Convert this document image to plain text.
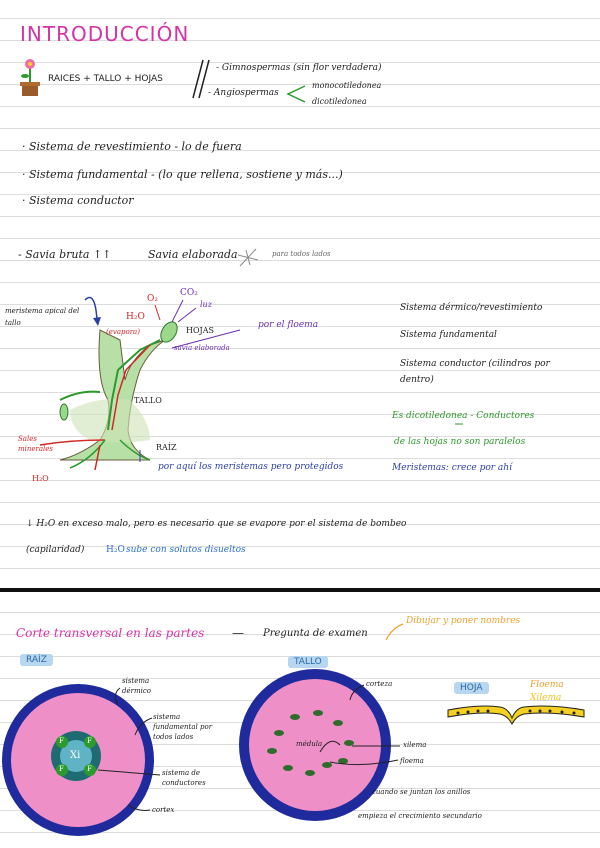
INTRODUCCIÓN
RAICES + TALLO + HOJAS
- Gimnospermas (sin flor verdadera)
- Angiospermas
monocotiledonea
dicotiledonea
· Sistema de revestimiento - lo de fuera
· Sistema fundamental - (lo que rellena, sostiene y más...)
· Sistema conductor
- Savia bruta ↑↑	Savia elaborada	para todos lados
meristema apical del tallo
O₂
CO₂
luz
H₂O
(evapora)	HOJAS
savia elaborada
por el floema
TALLO
RAÍZ
Sales minerales
H₂O
por aquí los meristemas pero protegidos
Sistema dérmico/revestimiento
Sistema fundamental
Sistema conductor (cilindros por dentro)
Es dicotiledonea - Conductores
de las hojas no son paralelos
Meristemas: crece por ahí
↓ H₂O en exceso malo, pero es necesario que se evapore por el sistema de bombeo
(capilaridad) H₂O sube con solutos disueltos
Corte transversal en las partes — Pregunta de examen
Dibujar y poner nombres
RAÍZ	TALLO
HOJA	Floema
Xilema
sistema dérmico
sistema fundamental por todos lados
sistema de conductores
cortex
Xi
F	F
F	F
corteza
médula	xilema
floema
cuando se juntan los anillos
empieza el crecimiento secundario
